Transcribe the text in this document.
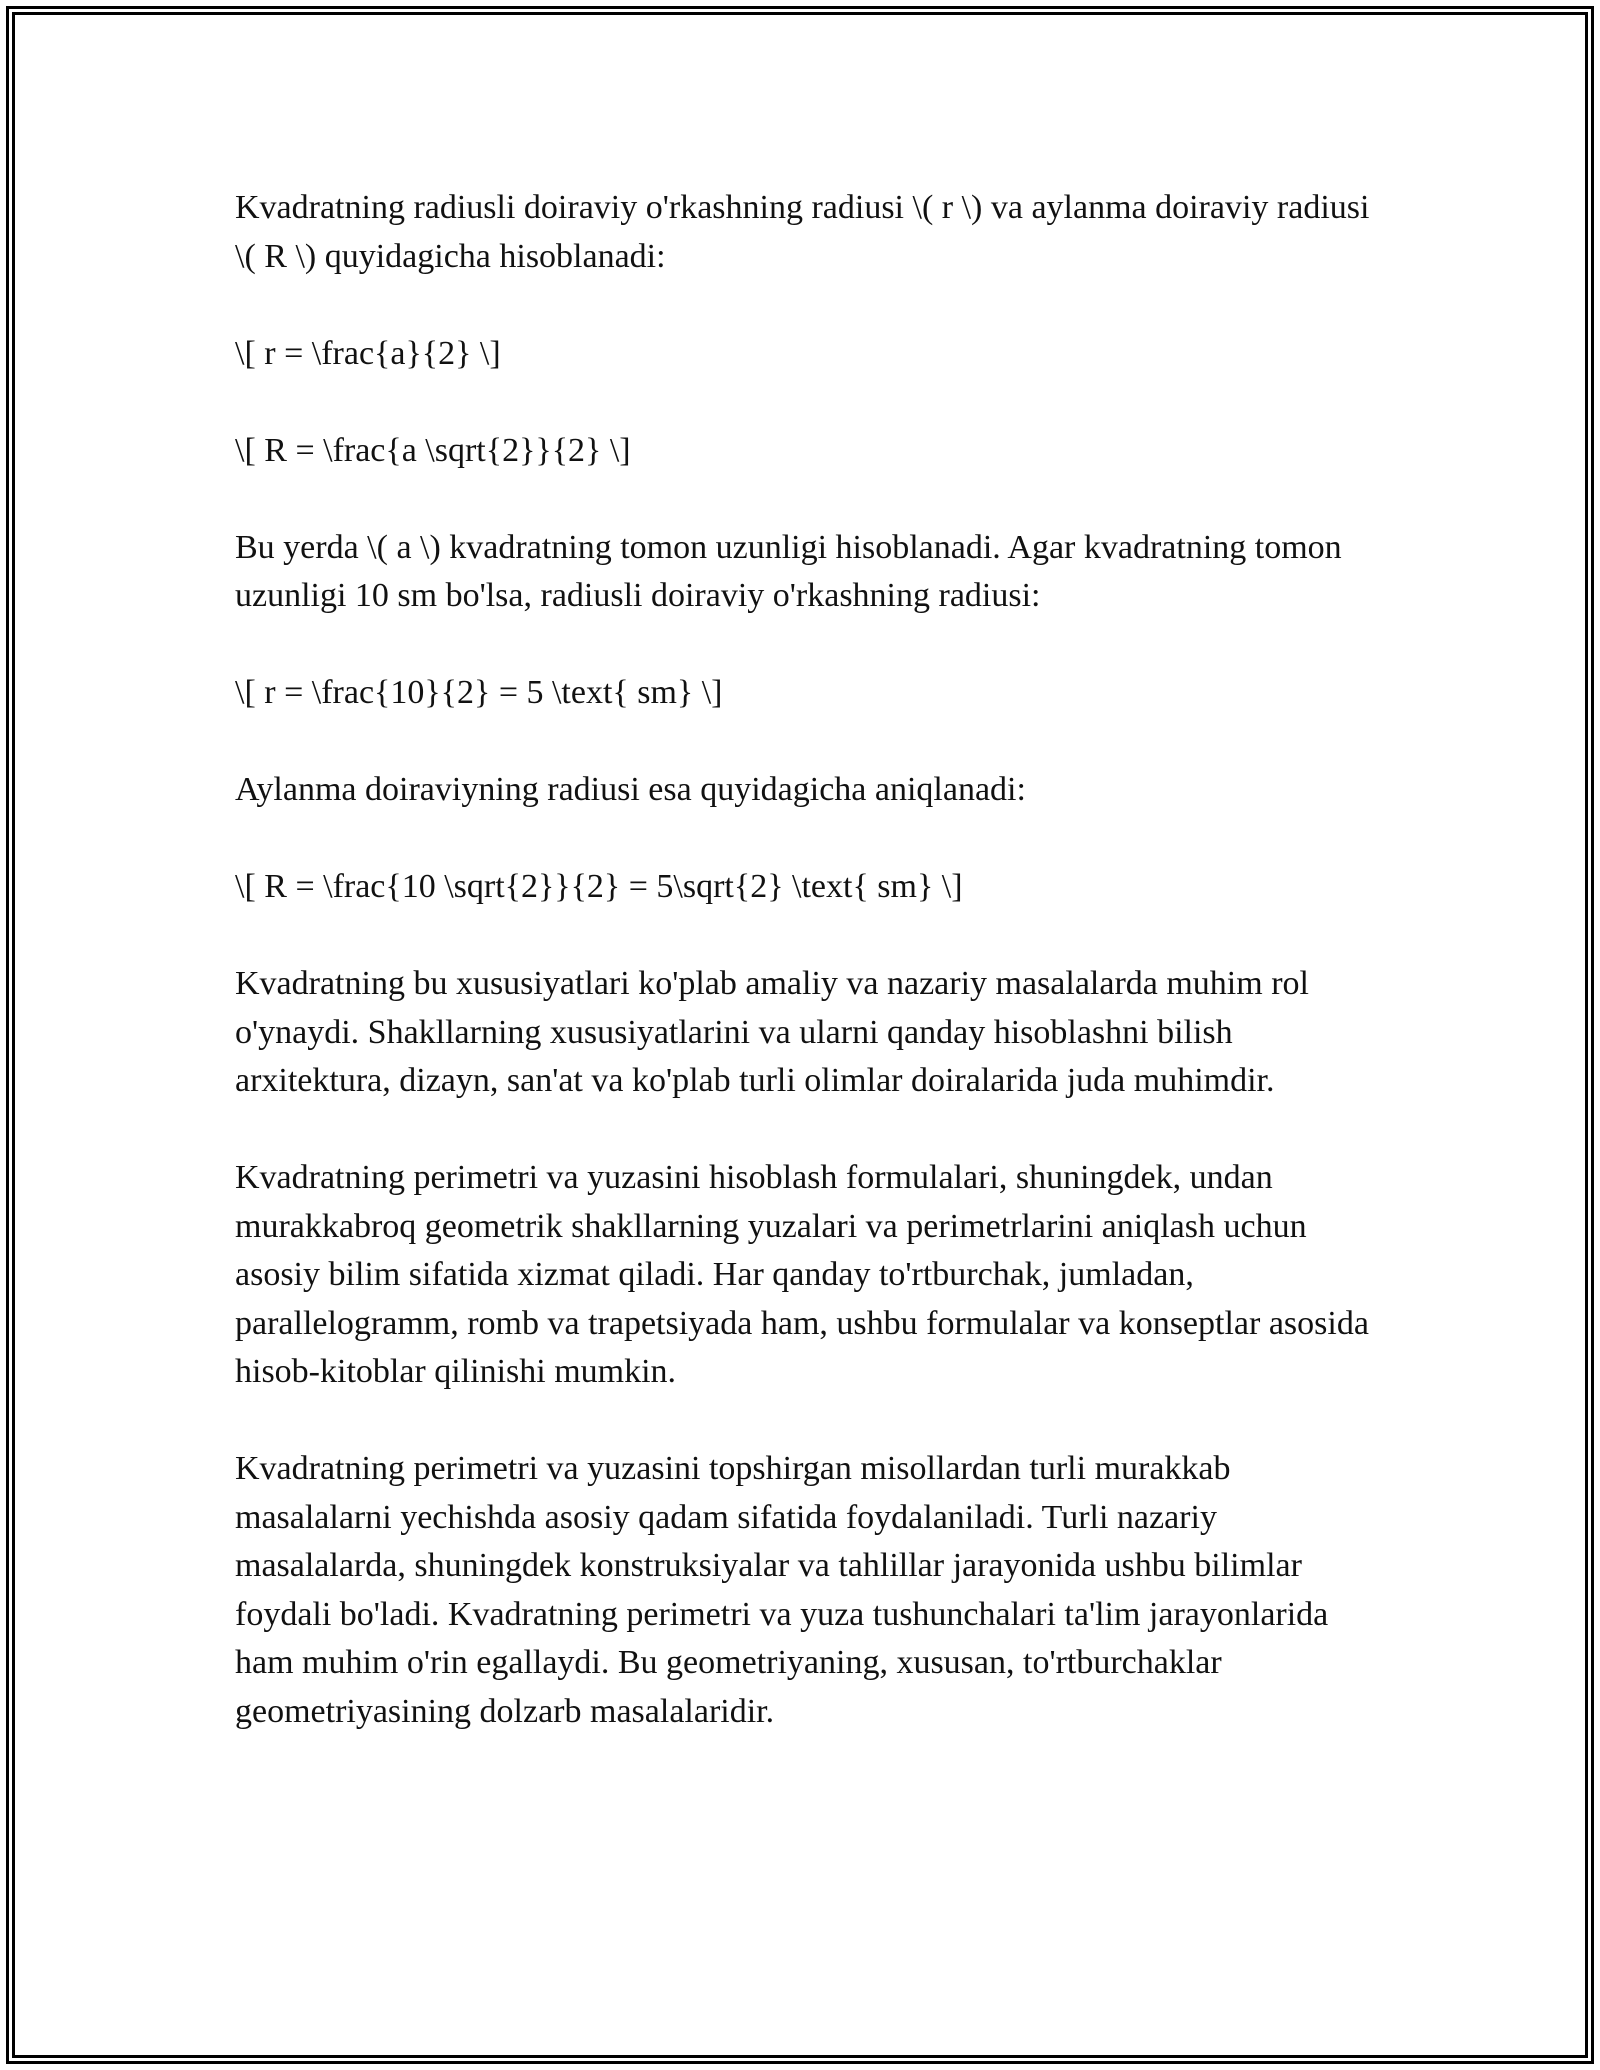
Kvadratning radiusli doiraviy o'rkashning radiusi \( r \) va aylanma doiraviy radiusi \( R \) quyidagicha hisoblanadi:

\[ r = \frac{a}{2} \]

\[ R = \frac{a \sqrt{2}}{2} \]

Bu yerda \( a \) kvadratning tomon uzunligi hisoblanadi. Agar kvadratning tomon uzunligi 10 sm bo'lsa, radiusli doiraviy o'rkashning radiusi:

\[ r = \frac{10}{2} = 5 \text{ sm} \]

Aylanma doiraviyning radiusi esa quyidagicha aniqlanadi:

\[ R = \frac{10 \sqrt{2}}{2} = 5\sqrt{2} \text{ sm} \]

Kvadratning bu xususiyatlari ko'plab amaliy va nazariy masalalarda muhim rol o'ynaydi. Shakllarning xususiyatlarini va ularni qanday hisoblashni bilish arxitektura, dizayn, san'at va ko'plab turli olimlar doiralarida juda muhimdir.

Kvadratning perimetri va yuzasini hisoblash formulalari, shuningdek, undan murakkabroq geometrik shakllarning yuzalari va perimetrlarini aniqlash uchun asosiy bilim sifatida xizmat qiladi. Har qanday to'rtburchak, jumladan, parallelogramm, romb va trapetsiyada ham, ushbu formulalar va konseptlar asosida hisob-kitoblar qilinishi mumkin.

Kvadratning perimetri va yuzasini topshirgan misollardan turli murakkab masalalarni yechishda asosiy qadam sifatida foydalaniladi. Turli nazariy masalalarda, shuningdek konstruksiyalar va tahlillar jarayonida ushbu bilimlar foydali bo'ladi. Kvadratning perimetri va yuza tushunchalari ta'lim jarayonlarida ham muhim o'rin egallaydi. Bu geometriyaning, xususan, to'rtburchaklar geometriyasining dolzarb masalalaridir.
